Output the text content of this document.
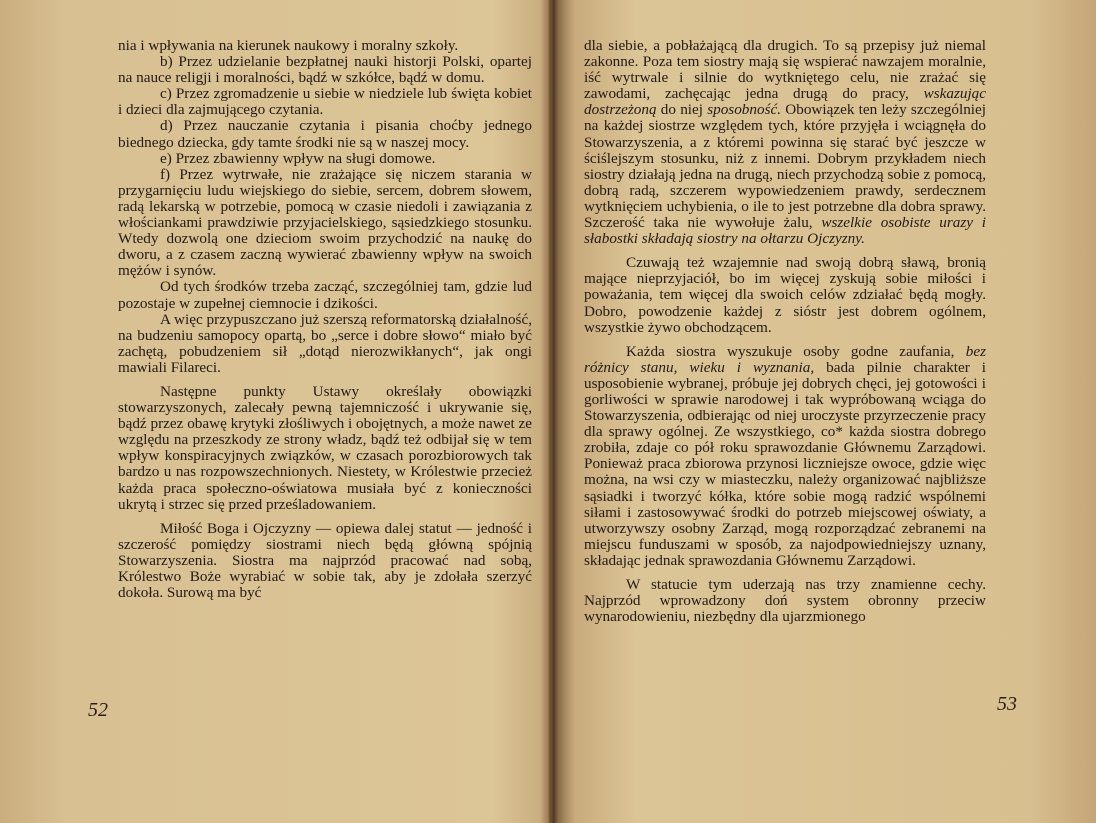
nia i wpływania na kierunek naukowy i moralny szkoły.

b) Przez udzielanie bezpłatnej nauki historji Polski, opartej na nauce religji i moralności, bądź w szkółce, bądź w domu.

c) Przez zgromadzenie u siebie w niedziele lub święta kobiet i dzieci dla zajmującego czytania.

d) Przez nauczanie czytania i pisania choćby jednego biednego dziecka, gdy tamte środki nie są w naszej mocy.

e) Przez zbawienny wpływ na sługi domowe.

f) Przez wytrwałe, nie zrażające się niczem starania w przygarnięciu ludu wiejskiego do siebie, sercem, dobrem słowem, radą lekarską w potrzebie, pomocą w czasie niedoli i zawiązania z włościankami prawdziwie przyjacielskiego, sąsiedzkiego stosunku. Wtedy dozwolą one dzieciom swoim przychodzić na naukę do dworu, a z czasem zaczną wywierać zbawienny wpływ na swoich mężów i synów.

Od tych środków trzeba zacząć, szczególniej tam, gdzie lud pozostaje w zupełnej ciemnocie i dzikości.

A więc przypuszczano już szerszą reformatorską działalność, na budzeniu samopocy opartą, bo „serce i dobre słowo“ miało być zachętą, pobudzeniem sił „dotąd nierozwikłanych“, jak ongi mawiali Filareci.

Następne punkty Ustawy określały obowiązki stowarzyszonych, zalecały pewną tajemniczość i ukrywanie się, bądź przez obawę krytyki złośliwych i obojętnych, a może nawet ze względu na przeszkody ze strony władz, bądź też odbijał się w tem wpływ konspiracyjnych związków, w czasach porozbiorowych tak bardzo u nas rozpowszechnionych. Niestety, w Królestwie przecież każda praca społeczno-oświatowa musiała być z konieczności ukrytą i strzec się przed prześladowaniem.

Miłość Boga i Ojczyzny — opiewa dalej statut — jedność i szczerość pomiędzy siostrami niech będą główną spójnią Stowarzyszenia. Siostra ma najprzód pracować nad sobą, Królestwo Boże wyrabiać w sobie tak, aby je zdołała szerzyć dokoła. Surową ma być

52

dla siebie, a pobłażającą dla drugich. To są przepisy już niemal zakonne. Poza tem siostry mają się wspierać nawzajem moralnie, iść wytrwale i silnie do wytkniętego celu, nie zrażać się zawodami, zachęcając jedna drugą do pracy, wskazując dostrzeżoną do niej sposobność. Obowiązek ten leży szczególniej na każdej siostrze względem tych, które przyjęła i wciągnęła do Stowarzyszenia, a z któremi powinna się starać być jeszcze w ściślejszym stosunku, niż z innemi. Dobrym przykładem niech siostry działają jedna na drugą, niech przychodzą sobie z pomocą, dobrą radą, szczerem wypowiedzeniem prawdy, serdecznem wytknięciem uchybienia, o ile to jest potrzebne dla dobra sprawy. Szczerość taka nie wywołuje żalu, wszelkie osobiste urazy i słabostki składają siostry na ołtarzu Ojczyzny.

Czuwają też wzajemnie nad swoją dobrą sławą, bronią mające nieprzyjaciół, bo im więcej zyskują sobie miłości i poważania, tem więcej dla swoich celów zdziałać będą mogły. Dobro, powodzenie każdej z sióstr jest dobrem ogólnem, wszystkie żywo obchodzącem.

Każda siostra wyszukuje osoby godne zaufania, bez różnicy stanu, wieku i wyznania, bada pilnie charakter i usposobienie wybranej, próbuje jej dobrych chęci, jej gotowości i gorliwości w sprawie narodowej i tak wypróbowaną wciąga do Stowarzyszenia, odbierając od niej uroczyste przyrzeczenie pracy dla sprawy ogólnej. Ze wszystkiego, co* każda siostra dobrego zrobiła, zdaje co pół roku sprawozdanie Głównemu Zarządowi. Ponieważ praca zbiorowa przynosi liczniejsze owoce, gdzie więc można, na wsi czy w miasteczku, należy organizować najbliższe sąsiadki i tworzyć kółka, które sobie mogą radzić wspólnemi siłami i zastosowywać środki do potrzeb miejscowej oświaty, a utworzywszy osobny Zarząd, mogą rozporządzać zebranemi na miejscu funduszami w sposób, za najodpowiedniejszy uznany, składając jednak sprawozdania Głównemu Zarządowi.

W statucie tym uderzają nas trzy znamienne cechy. Najprzód wprowadzony doń system obronny przeciw wynarodowieniu, niezbędny dla ujarzmionego

53
